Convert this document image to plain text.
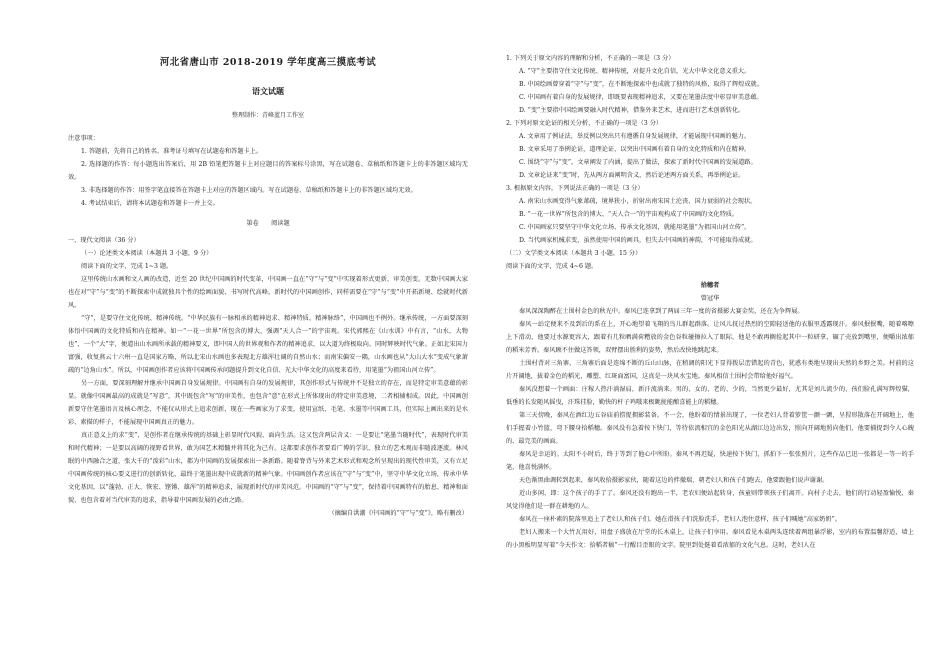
河北省唐山市 2018-2019 学年度高三摸底考试

语文试题

整理制作：青峰蓝月工作室

注意事项：

1. 答题前，先将自己的姓名、准考证号填写在试题卷和答题卡上。

2. 选择题的作答：每小题选出答案后，用 2B 铅笔把答题卡上对应题目的答案标号涂黑，写在试题卷、草稿纸和答题卡上的非答题区域均无效。

3. 非选择题的作答：用签字笔直接答在答题卡上对应的答题区域内。写在试题卷、草稿纸和答题卡上的非答题区域均无效。

4. 考试结束后，请将本试题卷和答题卡一并上交。

第卷　　阅读题

一、现代文阅读（36 分）

（一）论述类文本阅读（本题共 3 小题，9 分）

阅读下面的文字，完成 1~3 题。

这里传统山水画和文人画的改造，近至 20 世纪中国画的时代变革，中国画一直在“守”与“变”中实现着形式更新、审美创变。无数中国画大家也在对“守”与“变”的不断探索中成就独具个性的绘画面貌、书写时代高峰。新时代的中国画创作，同样需要在“守”与“变”中开拓新境、绘就时代新风。

“守”，是要守住文化传统、精神传统。“中华民族有一脉相承的精神追求、精神特质、精神脉络”，中国画也不例外。继承传统，一方面要深刻体悟中国画的文化特质和内在精神。如一“一花一世界”所包含的博大，强调“天人合一”的宇宙观。宋代郭熙在《山水训》中有言，“山水，大物也”，一个“大”字，便道出山水画所承载的精神要义，即中国人的世界观和作者的精神追求，以大道为终极取向。同时辉映时代气象。正如北宋国力富强，收复燕云十六州一直是国家方略，所以北宋山水画也多表现北方雄浑壮阔的自然山水；而南宋偏安一隅，山水画也从“大山大水”变成气象萧疏的“边角山水”。所以，中国画创作者应该将中国画传承问题提升到文化自信、光大中华文化的高度来看待，用笔墨“为祖国山河立传”。

另一方面，要深刻理解并继承中国画自身发展规律。中国画有自身的发展规律，其创作形式与传统并不是独立的存在，而是特定审美意蕴的彰显。就像中国画最高的成就是“写意”，其中既包含“写”的审美性，也包含“意”在形式上所体现出的特定审美意境，二者相辅相成。因此，中国画创新要守住笔墨语言及核心理念，不能仅从形式上追求创新，现在一些画家为了求变，使用宣纸、毛笔、水墨等中国画工具，但实际上画出来的是水彩、素描的样子，不能展现中国画真正的魅力。

真正意义上的求“变”，是创作者在继承传统的基础上彰显时代风貌、面向生活。这又包含两层含义：一是要让“笔墨当随时代”，表现时代审美和时代精神；一是要以高阔的视野看世界，敢为国艺术精髓并将其化为己有。这都要求创作者要看广博的学识、独立的艺术观而非随波逐流。林风眠的中西融合之道，张大千的“泼彩”山水，都为中国画的发展探索出一条新路。随着脊背与外来艺术形式和观念所呈现出的现代性审美，又有立足中国画传统的核心要义进行的创新转化，最终于笔墨出现中成就新的精神气象。中国画创作者应该在“守”与“变”中，坚守中华文化立场，传承中华文化基因，以“蓬勃、正大、恢宏、铿锵、雄浑”的精神追求，展现新时代的审美风范。中国画的“守”与“变”，保持着中国画特有的胎息、精神和面貌，也包含着对当代审美的追求，指导着中国画发展的必由之路。

（摘编自洪潮《中国画的“守”与“变”》，略有删改）

1. 下列关于原文内容的理解和分析，不正确的一项是（3 分）

A. “守”主要指守住文化传统、精神传统，对提升文化自信，光大中华文化意义重大。

B. 中国绘画曾穿着“守”与“变”，在不断地探索中也成就了独特的风格，取得了辉煌成就。

C. 中国画有着自身的发展规律，即既要表现精神追求，又要在笔墨法度中彰显审美意蕴。

D. “变”主要指中国绘画要融入时代精神，借鉴外来艺术，进而进行艺术创新转化。

2. 下列对原文论证的相关分析，不正确的一项是（3 分）

A. 文章用了例证法，举反例以突出只有遵循自身发展规律，才能展现中国画的魅力。

B. 文章采用了举例论证，道理论证，以突出中国画有着自身的文化特质和内在精神。

C. 围绕“守”与“变”，文章阐发了内涵，提出了做法，探索了新时代中国画的发展道路。

D. 文章论证来“变”时，先从两方面阐明含义，然后论述两方面关系，再举例论证。

3. 根据原文内容，下列说法正确的一项是（3 分）

A. 南宋山水画变得气象萧疏，境界狭小，折射出南宋国土沦丧、国力衰弱的社会现状。

B. “一花一世界”所包含的博大、“天人合一”的宇宙观构成了中国画的文化特质。

C. 中国画家只要坚守中华文化立场、传承文化基因，就能用笔墨“为祖国山河立传”。

D. 当代画家机械求变，虽然使用中国的画具，但失去中国画的神韵，不可能取得成就。

（二）文学类文本阅读（本题共 3 小题，15 分）

阅读下面的文字，完成 4~6 题。

拾穗者

曾冠华

秦风深深陶醉在土围村金色的秋光中。秦风已连拿到了两届三年一度的省摄影大赛金奖，还在为争辉展。

秦风一站定便来不及到后的系在上，开心地望着飞翔的鸟儿群起群落。让风儿抚过热烈的空隙轻送他的衣服里透露现汗。秦风抿抿嘴，随着喀嚓上下滑动，他要过水源更容大，跟着有几粒晒满荷糟放的金色谷粒碰擦拉入了眼际，他是不敢再搁捡起其中一粒研拿，碾了壳放到嘴里，便嚼出浓郁的稻米芳香。秦风顾不住做这答领，双臂摆出胜利的姿势，然后改快地跳起来。

土围村背对三角寨，三角寨后面是连绵不断的丘山山脉，在稍调的阳光下显得拨层峦错起的青色，犹惑有类地呈现出天然的乡野之美。村前的这片开阔地，拔着金色的稻光、雕塑、红斑面富国，这真是一块风水宝地。秦风相信土围村会带给他好福气。

秦风没想着一个画面：庄稼人热汗淌湿肩，新汗流淌来。男的、女的、老的、少的，当然更少最好，尤其是刘儿流少的，孩们脸孔满写辉煌猫，低垂的长发随风摇曳，汗珠挂脸，勤快的杆子鸡哦来极眺拢能酿喜能上的稻穗。

第三天傍晚，秦风在酒红边五谷庙前捞捉拥影装备。不一会，他盼着的情景出现了，一位老妇人背着箩筐一颤一颤，呈猩形散落在开阔地上，他们手握着小竹篮，弯下腰身拾稻穗。秦风没有急着按下快门，等待依流相宜的金色阳光从湖江边边出发，照向开阔地照向他们，他要捕捉到令人心魄的、最完美的画面。

秦风是幸运的。太阳不小时后，终于等到了他心中所盼。秦风不再迟疑，快速按下快门，抓拍下一张张照片，这些作品已迅一张都是一等一的手笔，他喜悦满怀。

天色渐黑曲调转到起来，秦风收拾摄影家伙，随着这边的拌撤瑞，朝老妇人和孩子们跑去，他要跟他们说声谢谢。

近山多闲，即：这个孩子的手了了。秦风还没有跑出一半，老农妇便站起转身，孩童则带领孩子们离开。向村子走去，他们的行动轻盈愉悦，秦风觉得他们是一群在耕地的人。

秦风在一座朴素的院落里追上了老妇人和孩子们。她在滑孩子们洗脸洗手，老妇人泡住意样，孩子们喊她“高家奶奶”。

老妇人搬来一个大竹瓦用好，用盘子盛放在厅堂的长木桌上，让孩子们享用。秦风看见木桌两头连续着两组暴浮影，室内的布置温馨舒适，墙上的小黑板明显写着“今天作文：拾稻者稿”一行醒目歪眼的文字。院里到处挺着看浓郁的文化气息。这时，老妇人在
